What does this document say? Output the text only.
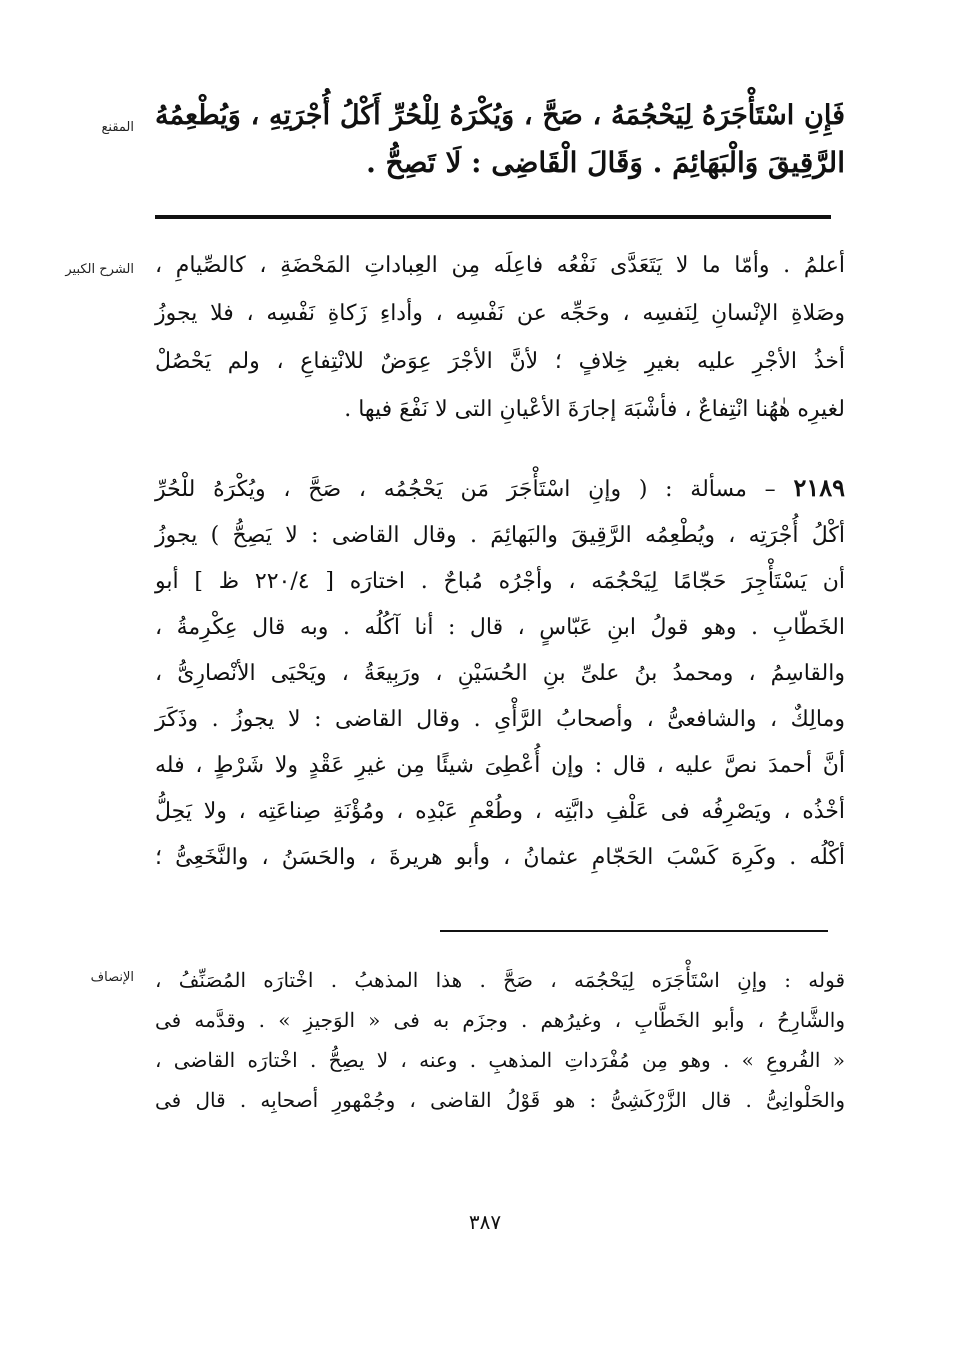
المقنع فَإِنِ اسْتَأْجَرَهُ لِيَحْجُمَهُ ، صَحَّ ، وَيُكْرَهُ لِلْحُرِّ أَكْلُ أُجْرَتِهِ ، وَيُطْعِمُهُ
الرَّقِيقَ وَالْبَهَائِمَ . وَقَالَ الْقَاضِى : لَا تَصِحُّ .
الشرح الكبير أعلمُ . وأمّا ما لا يَتَعَدَّى نَفْعُه فاعِلَه مِن العِباداتِ المَحْضَةِ ، كالصِّيامِ ،
وصَلاةِ الإنْسانِ لِنَفسِه ، وحَجِّه عن نَفْسِه ، وأداءِ زَكاةِ نَفْسِه ، فلا يجوزُ
أخذُ الأجْرِ عليه بغيرِ خِلافٍ ؛ لأنَّ الأجْرَ عِوَضٌ للانْتِفاعِ ، ولم يَحْصُلْ
لغيرِه هٰهُنا انْتِفاعٌ ، فأشْبَهَ إجارَةَ الأعْيانِ التى لا نَفْعَ فيها .
٢١٨٩ – مسألة : ( وإنِ اسْتَأْجَرَ مَن يَحْجُمُه ، صَحَّ ، ويُكْرَهُ للْحُرِّ
أكْلُ أُجْرَتِه ، ويُطْعِمُه الرَّقِيقَ والبَهائِمَ . وقال القاضى : لا يَصِحُّ ) يجوزُ
أن يَسْتَأْجِرَ حَجّامًا لِيَحْجُمَه ، وأجْرُه مُباحٌ . اختارَه [ ٢٢٠/٤ ظ ] أبو
الخَطّابِ . وهو قولُ ابنِ عَبّاسٍ ، قال : أنا آكُلُه . وبه قال عِكْرِمةُ ،
والقاسِمُ ، ومحمدُ بنُ علىِّ بنِ الحُسَيْنِ ، ورَبِيعَةُ ، ويَحْيَى الأنْصارِىُّ ،
ومالِكٌ ، والشافعىُّ ، وأصحابُ الرَّأْىِ . وقال القاضى : لا يجوزُ . وذَكَرَ
أنَّ أحمدَ نصَّ عليه ، قال : وإن أُعْطِىَ شيئًا مِن غيرِ عَقْدٍ ولا شَرْطٍ ، فله
أخْذُه ، ويَصْرِفُه فى عَلْفِ دابَّتِه ، وطُعْمِ عَبْدِه ، ومُؤْنَةِ صِناعَتِه ، ولا يَحِلُّ
أكْلُه . وكَرِهَ كَسْبَ الحَجّامِ عثمانُ ، وأبو هريرةَ ، والحَسَنُ ، والنَّخَعِىُّ ؛
الإنصاف قوله : وإنِ اسْتَأْجَرَه لِيَحْجُمَه ، صَحَّ . هذا المذهبُ . اخْتارَه المُصَنِّفُ ،
والشَّارِحُ ، وأبو الخَطَّابِ ، وغيرُهم . وجزَم به فى « الوَجيزِ » . وقدَّمه فى
« الفُروعِ » . وهو مِن مُفْرَداتِ المذهبِ . وعنه ، لا يصِحُّ . اخْتارَه القاضى ،
والحَلْوانِىُّ . قال الزَّرْكَشِىُّ : هو قَوْلُ القاضى ، وجُمْهورِ أصحابِه . قال فى
٣٨٧
